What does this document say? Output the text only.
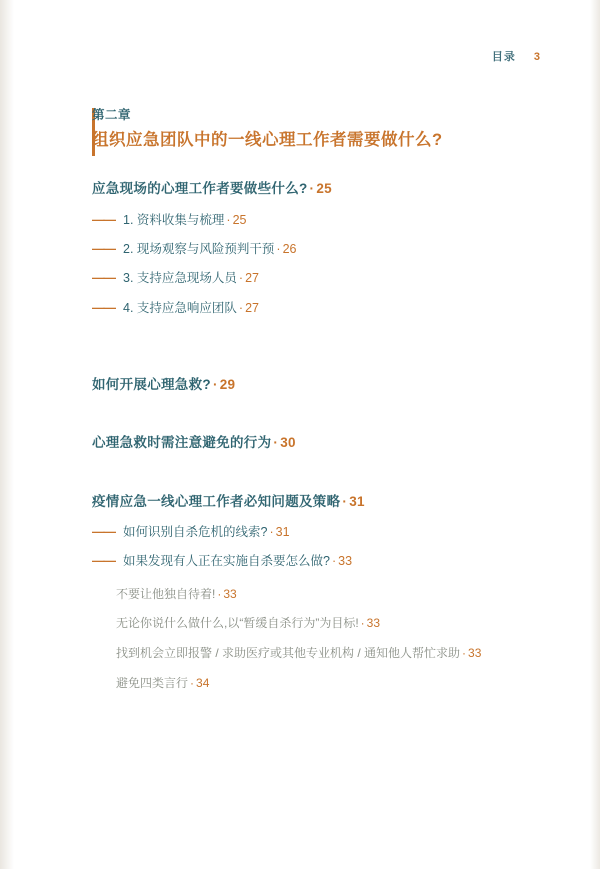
目录 3
第二章
组织应急团队中的一线心理工作者需要做什么?
应急现场的心理工作者要做些什么? · 25
—— 1. 资料收集与梳理 · 25
—— 2. 现场观察与风险预判干预 · 26
—— 3. 支持应急现场人员 · 27
—— 4. 支持应急响应团队 · 27
如何开展心理急救? · 29
心理急救时需注意避免的行为 · 30
疫情应急一线心理工作者必知问题及策略 · 31
—— 如何识别自杀危机的线索? · 31
—— 如果发现有人正在实施自杀要怎么做? · 33
不要让他独自待着! · 33
无论你说什么做什么,以“暂缓自杀行为”为目标! · 33
找到机会立即报警 / 求助医疗或其他专业机构 / 通知他人帮忙求助 · 33
避免四类言行 · 34
